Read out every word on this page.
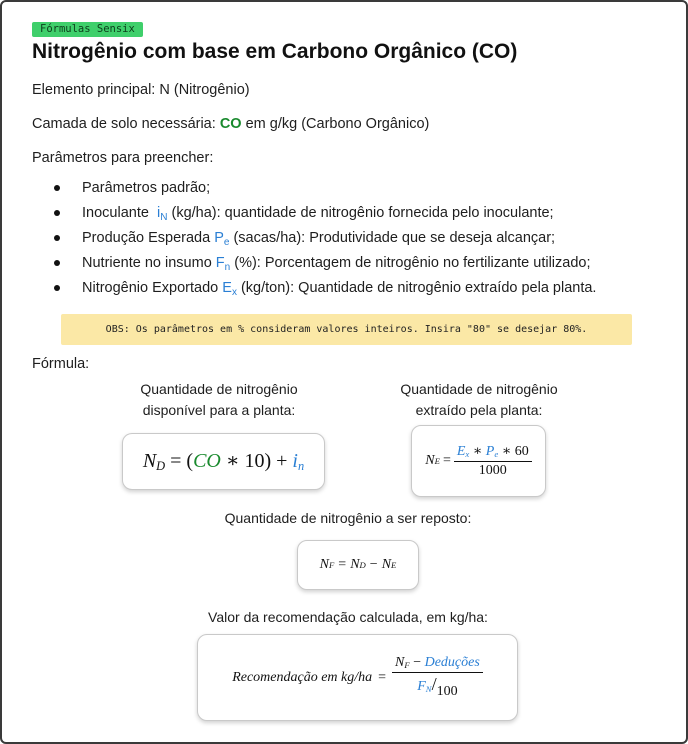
Fórmulas Sensix
Nitrogênio com base em Carbono Orgânico (CO)
Elemento principal: N (Nitrogênio)
Camada de solo necessária: CO em g/kg (Carbono Orgânico)
Parâmetros para preencher:
Parâmetros padrão;
Inoculante $i_N$ (kg/ha): quantidade de nitrogênio fornecida pelo inoculante;
Produção Esperada $P_e$ (sacas/ha): Produtividade que se deseja alcançar;
Nutriente no insumo $F_n$ (%): Porcentagem de nitrogênio no fertilizante utilizado;
Nitrogênio Exportado $E_x$ (kg/ton): Quantidade de nitrogênio extraído pela planta.
OBS: Os parâmetros em % consideram valores inteiros. Insira "80" se desejar 80%.
Fórmula:
Quantidade de nitrogênio
disponível para a planta:
Quantidade de nitrogênio
extraído pela planta:
ND = (CO ∗ 10) + in	N $E = \frac{Ex ∗ Pe ∗ 60}{1000}$
Quantidade de nitrogênio a ser reposto:
N F = N D − N E
Valor da recomendação calculada, em kg/ha:
Recomendação em $kg/ha = \frac{\text{NF − Deduções}}{FN/100}$
